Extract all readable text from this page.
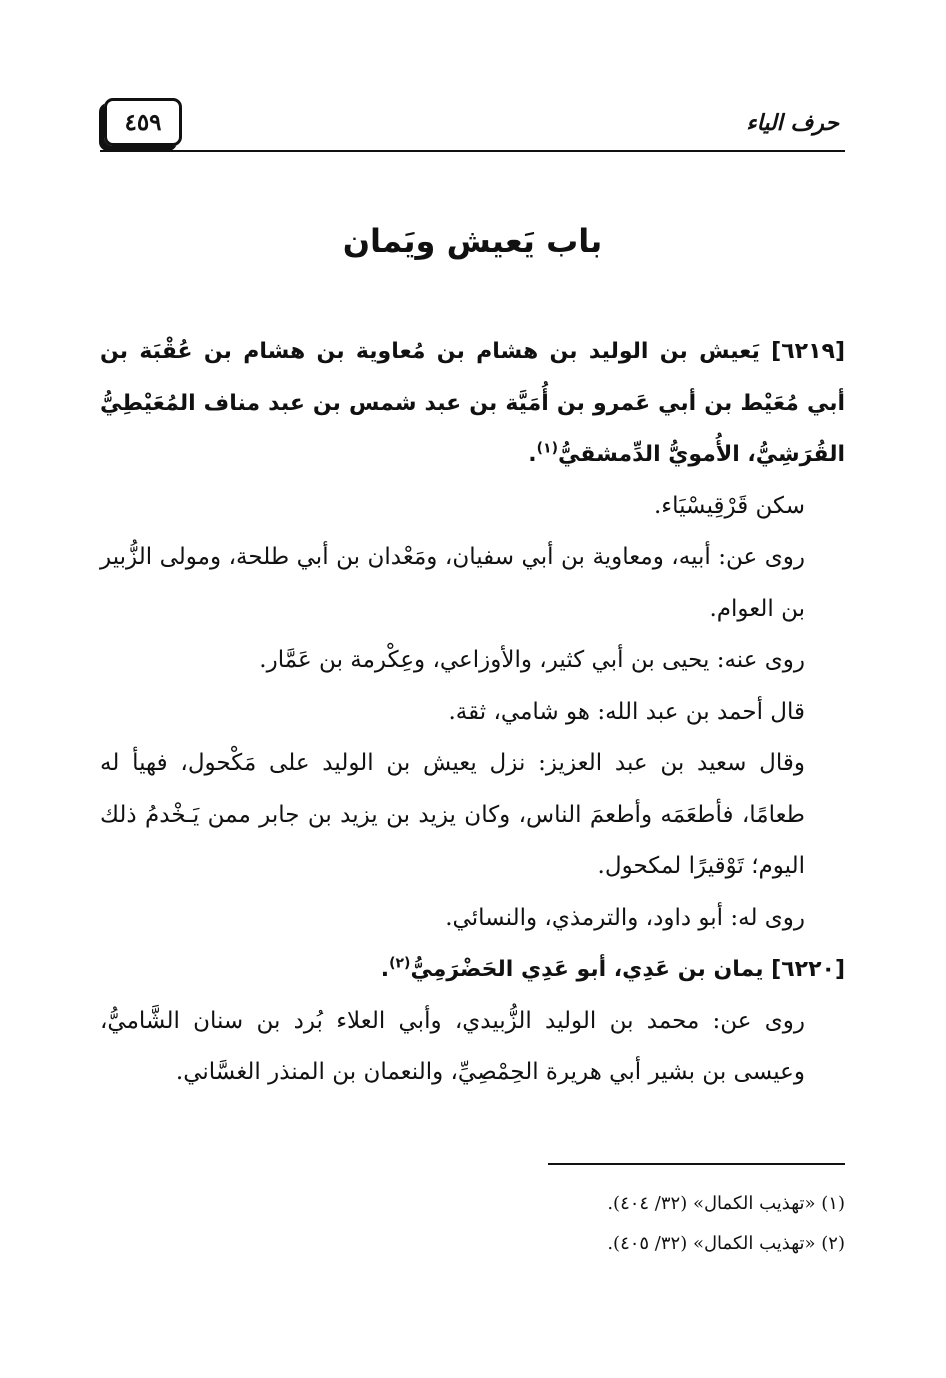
٤٥٩	حرف الياء
باب يَعيش ويَمان

[٦٢١٩] يَعيش بن الوليد بن هشام بن مُعاوية بن هشام بن عُقْبَة بن أبي مُعَيْط بن أبي عَمرو بن أُمَيَّة بن عبد شمس بن عبد مناف المُعَيْطِيُّ القُرَشِيُّ، الأُمويُّ الدِّمشقيُّ$^{(١)}$.

سكن قَرْقِيسْيَاء.

روى عن: أبيه، ومعاوية بن أبي سفيان، ومَعْدان بن أبي طلحة، ومولى الزُّبير بن العوام.

روى عنه: يحيى بن أبي كثير، والأوزاعي، وعِكْرمة بن عَمَّار.

قال أحمد بن عبد الله: هو شامي، ثقة.

وقال سعيد بن عبد العزيز: نزل يعيش بن الوليد على مَكْحول، فهيأ له طعامًا، فأطعَمَه وأطعمَ الناس، وكان يزيد بن يزيد بن جابر ممن يَـخْدمُ ذلك اليوم؛ تَوْقيرًا لمكحول.

روى له: أبو داود، والترمذي، والنسائي.

[٦٢٢٠] يمان بن عَدِي، أبو عَدِي الحَضْرَمِيُّ$^{(٢)}$.

روى عن: محمد بن الوليد الزُّبيدي، وأبي العلاء بُرد بن سنان الشَّاميُّ، وعيسى بن بشير أبي هريرة الحِمْصِيِّ، والنعمان بن المنذر الغسَّاني.

(١) «تهذيب الكمال» (٣٢/ ٤٠٤).

(٢) «تهذيب الكمال» (٣٢/ ٤٠٥).
